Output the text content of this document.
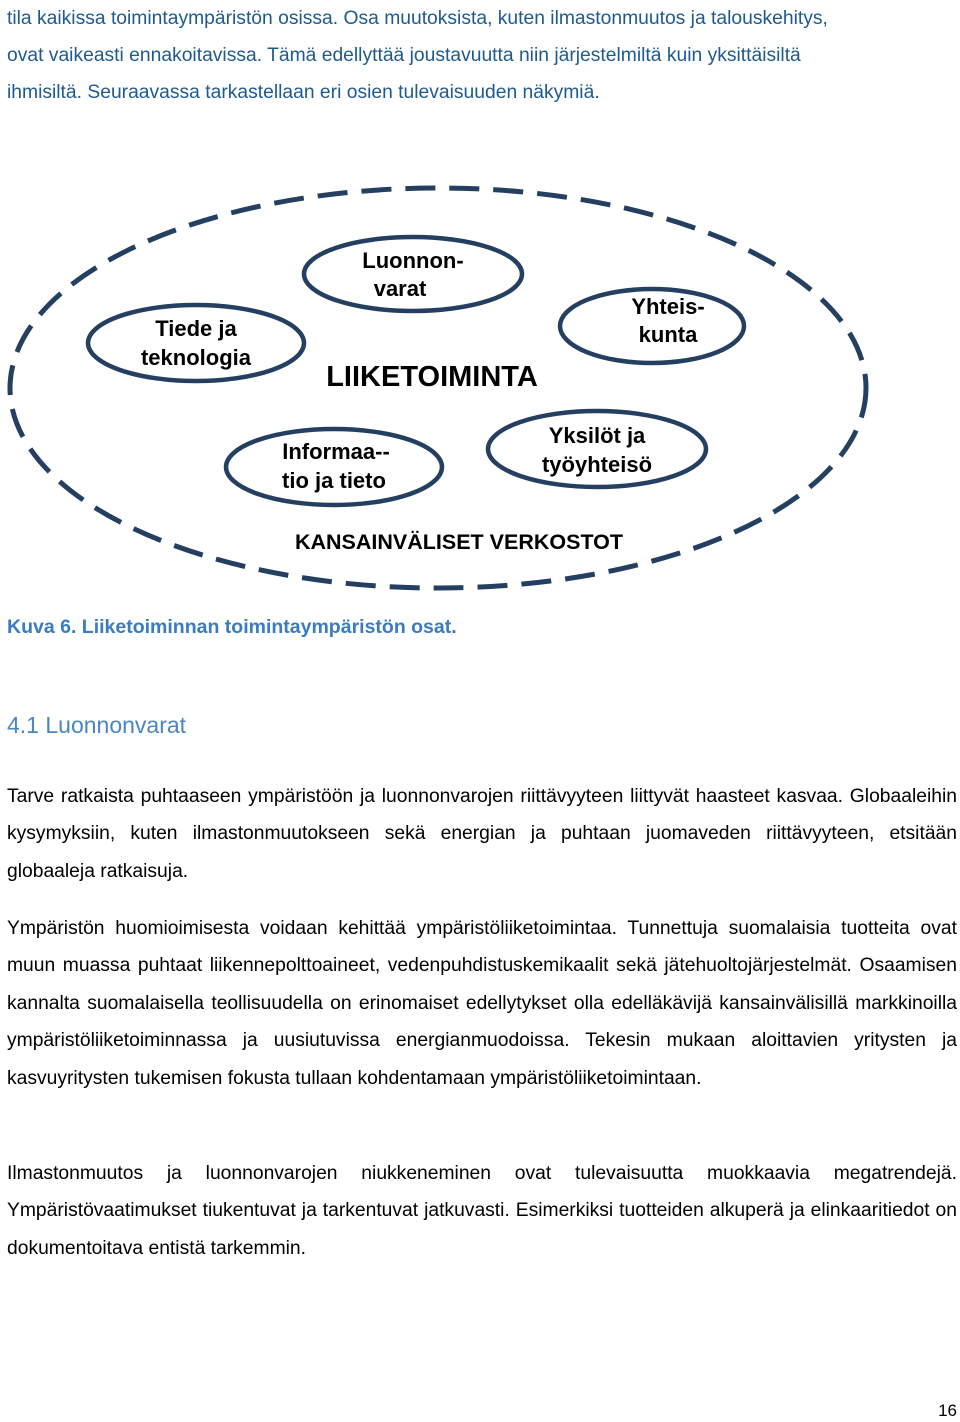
tila kaikissa toimintaympäristön osissa. Osa muutoksista, kuten ilmastonmuutos ja talouskehitys,
ovat vaikeasti ennakoitavissa. Tämä edellyttää joustavuutta niin järjestelmiltä kuin yksittäisiltä
ihmisiltä. Seuraavassa tarkastellaan eri osien tulevaisuuden näkymiä.
Luonnon-
varat
Tiede ja
teknologia
Yhteis-
kunta
Informaa--
tio ja tieto
Yksilöt ja
työyhteisö
LIIKETOIMINTA
KANSAINVÄLISET VERKOSTOT

Kuva 6. Liiketoiminnan toimintaympäristön osat.

4.1 Luonnonvarat

Tarve ratkaista puhtaaseen ympäristöön ja luonnonvarojen riittävyyteen liittyvät haasteet kasvaa. Globaaleihin kysymyksiin, kuten ilmastonmuutokseen sekä energian ja puhtaan juomaveden riittävyyteen, etsitään globaaleja ratkaisuja.

Ympäristön huomioimisesta voidaan kehittää ympäristöliiketoimintaa. Tunnettuja suomalaisia tuotteita ovat muun muassa puhtaat liikennepolttoaineet, vedenpuhdistuskemikaalit sekä jätehuoltojärjestelmät. Osaamisen kannalta suomalaisella teollisuudella on erinomaiset edellytykset olla edelläkävijä kansainvälisillä markkinoilla ympäristöliiketoiminnassa ja uusiutuvissa energianmuodoissa. Tekesin mukaan aloittavien yritysten ja kasvuyritysten tukemisen fokusta tullaan kohdentamaan ympäristöliiketoimintaan.

Ilmastonmuutos ja luonnonvarojen niukkeneminen ovat tulevaisuutta muokkaavia megatrendejä. Ympäristövaatimukset tiukentuvat ja tarkentuvat jatkuvasti. Esimerkiksi tuotteiden alkuperä ja elinkaaritiedot on dokumentoitava entistä tarkemmin.

16
